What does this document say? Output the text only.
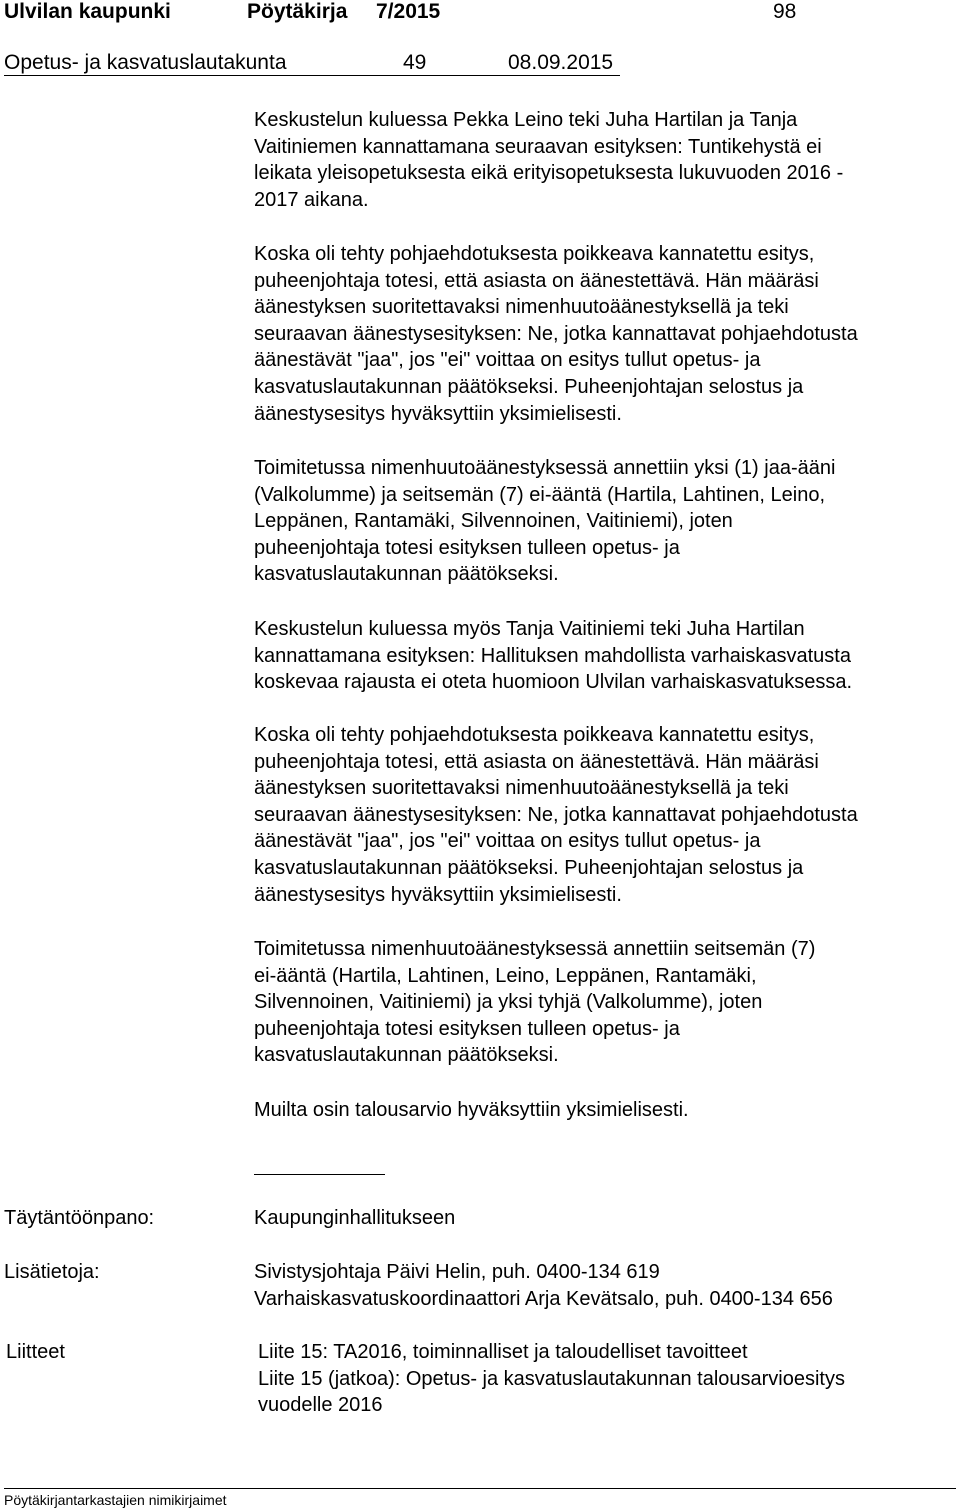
Ulvilan kaupunki	Pöytäkirja 7/2015	98
Opetus- ja kasvatuslautakunta	49	08.09.2015
Keskustelun kuluessa Pekka Leino teki Juha Hartilan ja Tanja
Vaitiniemen kannattamana seuraavan esityksen: Tuntikehystä ei
leikata yleisopetuksesta eikä erityisopetuksesta lukuvuoden 2016 -
2017 aikana.
Koska oli tehty pohjaehdotuksesta poikkeava kannatettu esitys,
puheenjohtaja totesi, että asiasta on äänestettävä. Hän määräsi
äänestyksen suoritettavaksi nimenhuutoäänestyksellä ja teki
seuraavan äänestysesityksen: Ne, jotka kannattavat pohjaehdotusta
äänestävät "jaa", jos "ei" voittaa on esitys tullut opetus- ja
kasvatuslautakunnan päätökseksi. Puheenjohtajan selostus ja
äänestysesitys hyväksyttiin yksimielisesti.
Toimitetussa nimenhuutoäänestyksessä annettiin yksi (1) jaa-ääni
(Valkolumme) ja seitsemän (7) ei-ääntä (Hartila, Lahtinen, Leino,
Leppänen, Rantamäki, Silvennoinen, Vaitiniemi), joten
puheenjohtaja totesi esityksen tulleen opetus- ja
kasvatuslautakunnan päätökseksi.
Keskustelun kuluessa myös Tanja Vaitiniemi teki Juha Hartilan
kannattamana esityksen: Hallituksen mahdollista varhaiskasvatusta
koskevaa rajausta ei oteta huomioon Ulvilan varhaiskasvatuksessa.
Koska oli tehty pohjaehdotuksesta poikkeava kannatettu esitys,
puheenjohtaja totesi, että asiasta on äänestettävä. Hän määräsi
äänestyksen suoritettavaksi nimenhuutoäänestyksellä ja teki
seuraavan äänestysesityksen: Ne, jotka kannattavat pohjaehdotusta
äänestävät "jaa", jos "ei" voittaa on esitys tullut opetus- ja
kasvatuslautakunnan päätökseksi. Puheenjohtajan selostus ja
äänestysesitys hyväksyttiin yksimielisesti.
Toimitetussa nimenhuutoäänestyksessä annettiin seitsemän (7)
ei-ääntä (Hartila, Lahtinen, Leino, Leppänen, Rantamäki,
Silvennoinen, Vaitiniemi) ja yksi tyhjä (Valkolumme), joten
puheenjohtaja totesi esityksen tulleen opetus- ja
kasvatuslautakunnan päätökseksi.
Muilta osin talousarvio hyväksyttiin yksimielisesti.
Täytäntöönpano:	Kaupunginhallitukseen
Lisätietoja:	Sivistysjohtaja Päivi Helin, puh. 0400-134 619
Varhaiskasvatuskoordinaattori Arja Kevätsalo, puh. 0400-134 656
Liitteet	Liite 15: TA2016, toiminnalliset ja taloudelliset tavoitteet
Liite 15 (jatkoa): Opetus- ja kasvatuslautakunnan talousarvioesitys
vuodelle 2016
Pöytäkirjantarkastajien nimikirjaimet
